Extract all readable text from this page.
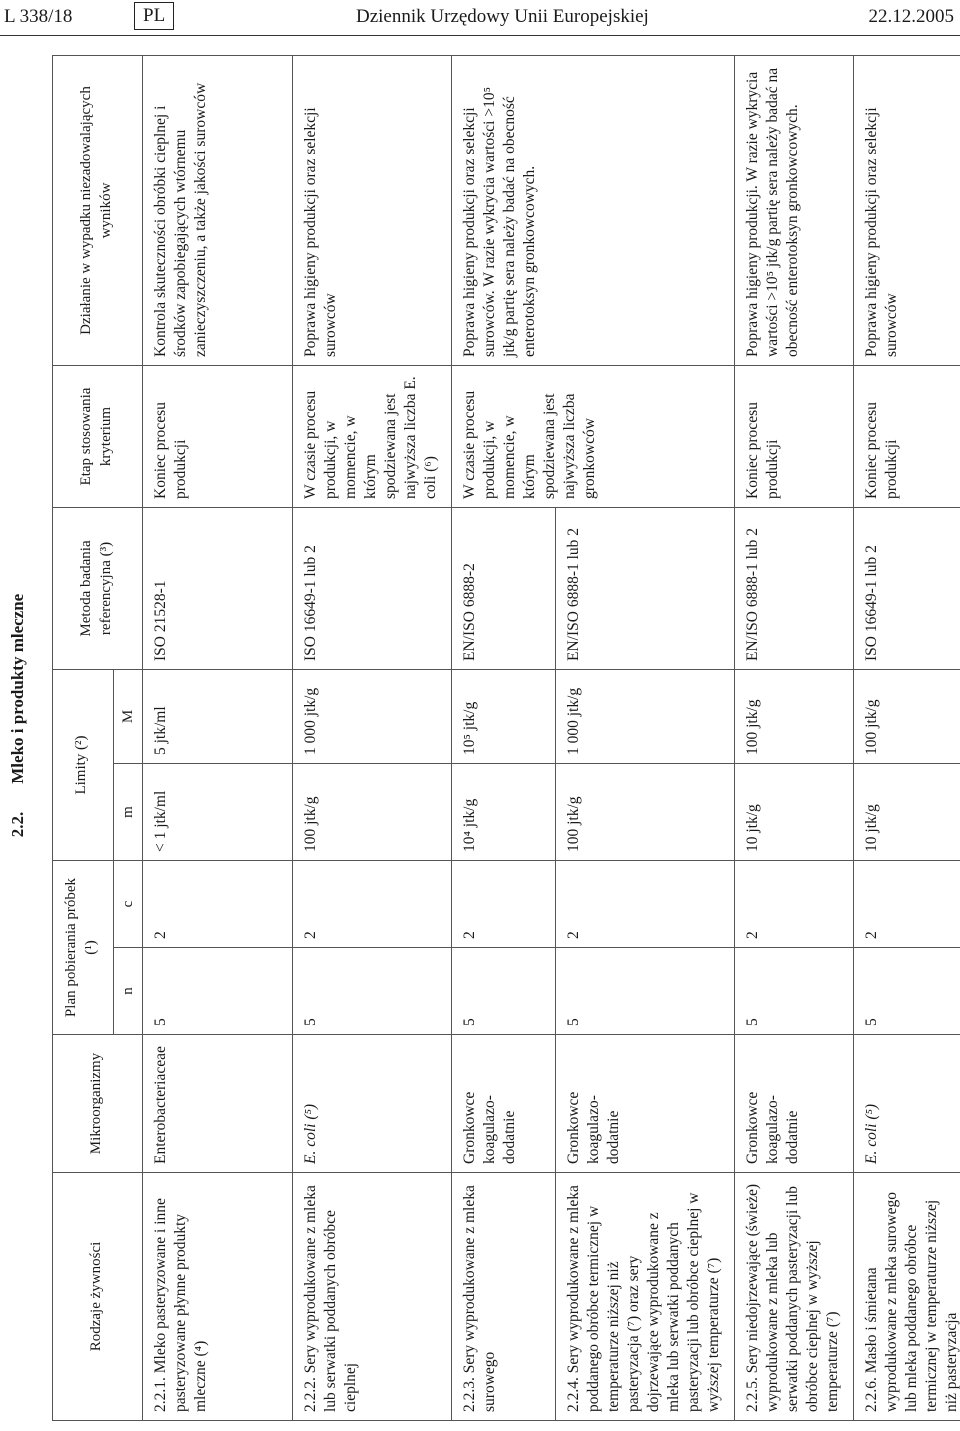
L 338/18	PL	Dziennik Urzędowy Unii Europejskiej	22.12.2005
2.2.Mleko i produkty mleczne
Rodzaje żywności	Mikroorganizmy	Plan pobierania próbek (¹)		Limity (²)		Metoda badania referencyjna (³)	Etap stosowania kryterium	Działanie w wypadku niezadowalających wyników
		n	c	m	M			
2.2.1. Mleko pasteryzowane i inne pasteryzowane płynne produkty mleczne (⁴)	Enterobacteriaceae	5	2	< 1 jtk/ml	5 jtk/ml	ISO 21528-1	Koniec procesu produkcji	Kontrola skuteczności obróbki cieplnej i środków zapobiegających wtórnemu zanieczyszczeniu, a także jakości surowców
2.2.2. Sery wyprodukowane z mleka lub serwatki poddanych obróbce cieplnej	E. coli (⁵)	5	2	100 jtk/g	1 000 jtk/g	ISO 16649-1 lub 2	W czasie procesu produkcji, w momencie, w którym spodziewana jest najwyższa liczba E. coli (⁶)	Poprawa higieny produkcji oraz selekcji surowców
2.2.3. Sery wyprodukowane z mleka surowego	Gronkowce koagulazo-dodatnie	5	2	10⁴ jtk/g	10⁵ jtk/g	EN/ISO 6888-2	W czasie procesu produkcji, w momencie, w którym spodziewana jest najwyższa liczba gronkowców	Poprawa higieny produkcji oraz selekcji surowców. W razie wykrycia wartości >10⁵ jtk/g partię sera należy badać na obecność enterotoksyn gronkowcowych.
2.2.4. Sery wyprodukowane z mleka poddanego obróbce termicznej w temperaturze niższej niż pasteryzacja (⁷) oraz sery dojrzewające wyprodukowane z mleka lub serwatki poddanych pasteryzacji lub obróbce cieplnej w wyższej temperaturze (⁷)	Gronkowce koagulazo-dodatnie	5	2	100 jtk/g	1 000 jtk/g	EN/ISO 6888-1 lub 2		
2.2.5. Sery niedojrzewające (świeże) wyprodukowane z mleka lub serwatki poddanych pasteryzacji lub obróbce cieplnej w wyższej temperaturze (⁷)	Gronkowce koagulazo-dodatnie	5	2	10 jtk/g	100 jtk/g	EN/ISO 6888-1 lub 2	Koniec procesu produkcji	Poprawa higieny produkcji. W razie wykrycia wartości >10⁵ jtk/g partię sera należy badać na obecność enterotoksyn gronkowcowych.
2.2.6. Masło i śmietana wyprodukowane z mleka surowego lub mleka poddanego obróbce termicznej w temperaturze niższej niż pasteryzacja	E. coli (⁵)	5	2	10 jtk/g	100 jtk/g	ISO 16649-1 lub 2	Koniec procesu produkcji	Poprawa higieny produkcji oraz selekcji surowców
